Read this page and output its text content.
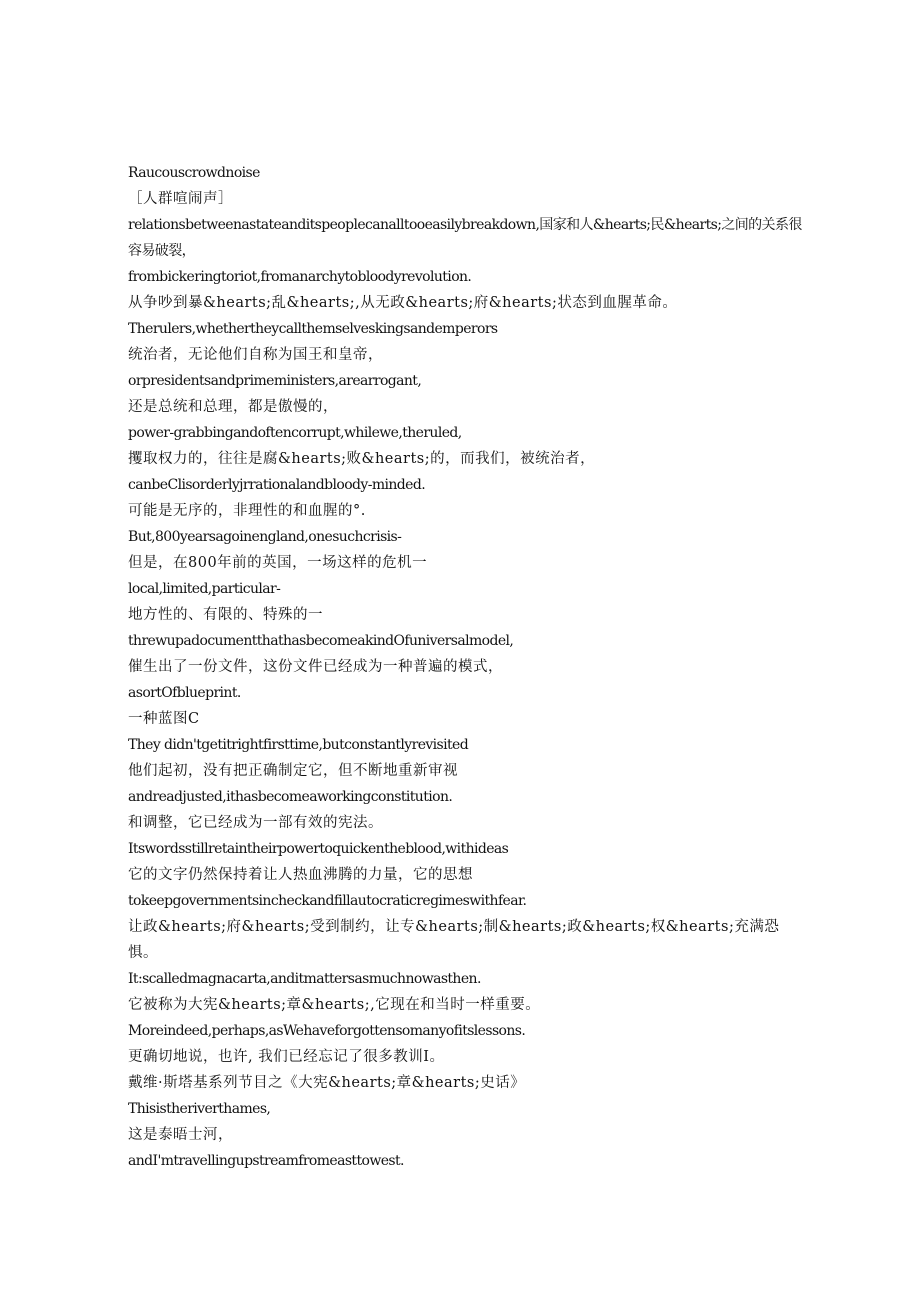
Raucouscrowdnoise

［人群喧闹声］

relationsbetweenastateanditspeoplecanalltooeasilybreakdown,国家和人&hearts;民&hearts;之间的关系很容易破裂，

frombickeringtoriot,fromanarchytobloodyrevolution.

从争吵到暴&hearts;乱&hearts;,从无政&hearts;府&hearts;状态到血腥革命。

Therulers,whethertheycallthemselveskingsandemperors

统治者，无论他们自称为国王和皇帝，

orpresidentsandprimeministers,arearrogant,

还是总统和总理，都是傲慢的，

power-grabbingandoftencorrupt,whilewe,theruled,

攫取权力的，往往是腐&hearts;败&hearts;的，而我们，被统治者，

canbeClisorderlyjrrationalandbloody-minded.

可能是无序的，非理性的和血腥的°.

But,800yearsagoinengland,onesuchcrisis-

但是，在800年前的英国，一场这样的危机一

local,limited,particular-

地方性的、有限的、特殊的一

threwupadocumentthathasbecomeakindOfuniversalmodel,

催生出了一份文件，这份文件已经成为一种普遍的模式，

asortOfblueprint.

一种蓝图C

They didn'tgetitrightfirsttime,butconstantlyrevisited

他们起初，没有把正确制定它，但不断地重新审视

andreadjusted,ithasbecomeaworkingconstitution.

和调整，它已经成为一部有效的宪法。

Itswordsstillretaintheirpowertoquickentheblood,withideas

它的文字仍然保持着让人热血沸腾的力量，它的思想

tokeepgovernmentsincheckandfillautocraticregimeswithfear.

让政&hearts;府&hearts;受到制约，让专&hearts;制&hearts;政&hearts;权&hearts;充满恐惧。

It:scalledmagnacarta,anditmattersasmuchnowasthen.

它被称为大宪&hearts;章&hearts;,它现在和当时一样重要。

Moreindeed,perhaps,asWehaveforgottensomanyofitslessons.

更确切地说，也许, 我们已经忘记了很多教训I。

戴维·斯塔基系列节目之《大宪&hearts;章&hearts;史话》

Thisistheriverthames,

这是泰晤士河，

andI'mtravellingupstreamfromeasttowest.
